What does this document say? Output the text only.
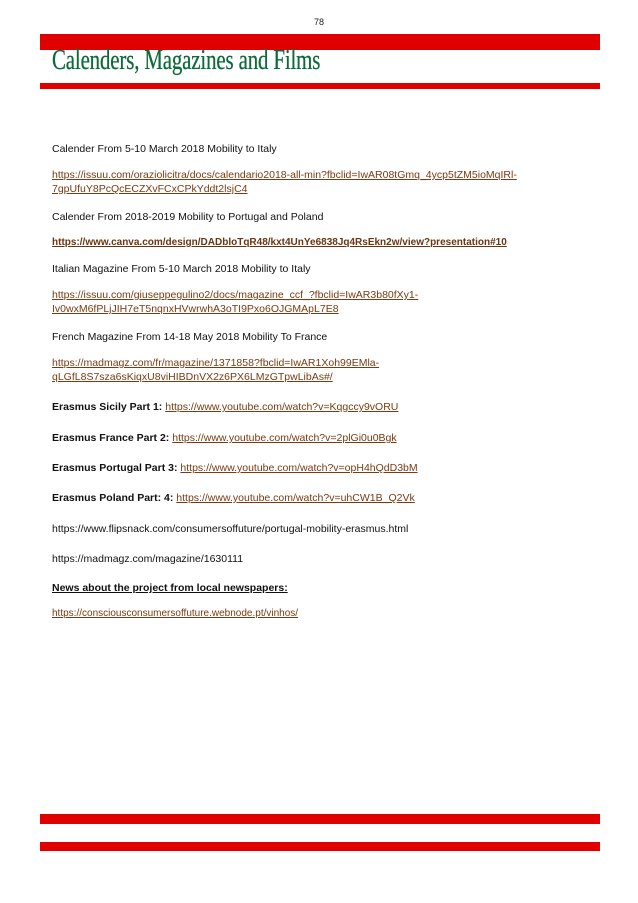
78
Calenders, Magazines and Films
Calender From 5-10 March 2018 Mobility to Italy
https://issuu.com/oraziolicitra/docs/calendario2018-all-min?fbclid=IwAR08tGmq_4ycp5tZM5ioMqIRl-
7gpUfuY8PcQcECZXvFCxCPkYddt2lsjC4
Calender From 2018-2019 Mobility to Portugal and Poland
https://www.canva.com/design/DADbloTqR48/kxt4UnYe6838Jq4RsEkn2w/view?presentation#10
Italian Magazine From 5-10 March 2018 Mobility to Italy
https://issuu.com/giuseppegulino2/docs/magazine_ccf_?fbclid=IwAR3b80fXy1-
Iv0wxM6fPLjJIH7eT5nqnxHVwrwhA3oTI9Pxo6OJGMApL7E8
French Magazine From 14-18 May 2018 Mobility To France
https://madmagz.com/fr/magazine/1371858?fbclid=IwAR1Xoh99EMla-
qLGfL8S7sza6sKiqxU8viHIBDnVX2z6PX6LMzGTpwLibAs#/
Erasmus Sicily Part 1: https://www.youtube.com/watch?v=Kqgccy9vORU
Erasmus France Part 2: https://www.youtube.com/watch?v=2plGi0u0Bgk
Erasmus Portugal Part 3: https://www.youtube.com/watch?v=opH4hQdD3bM
Erasmus Poland Part: 4: https://www.youtube.com/watch?v=uhCW1B_Q2Vk
https://www.flipsnack.com/consumersoffuture/portugal-mobility-erasmus.html
https://madmagz.com/magazine/1630111
News about the project from local newspapers:
https://consciousconsumersoffuture.webnode.pt/vinhos/
